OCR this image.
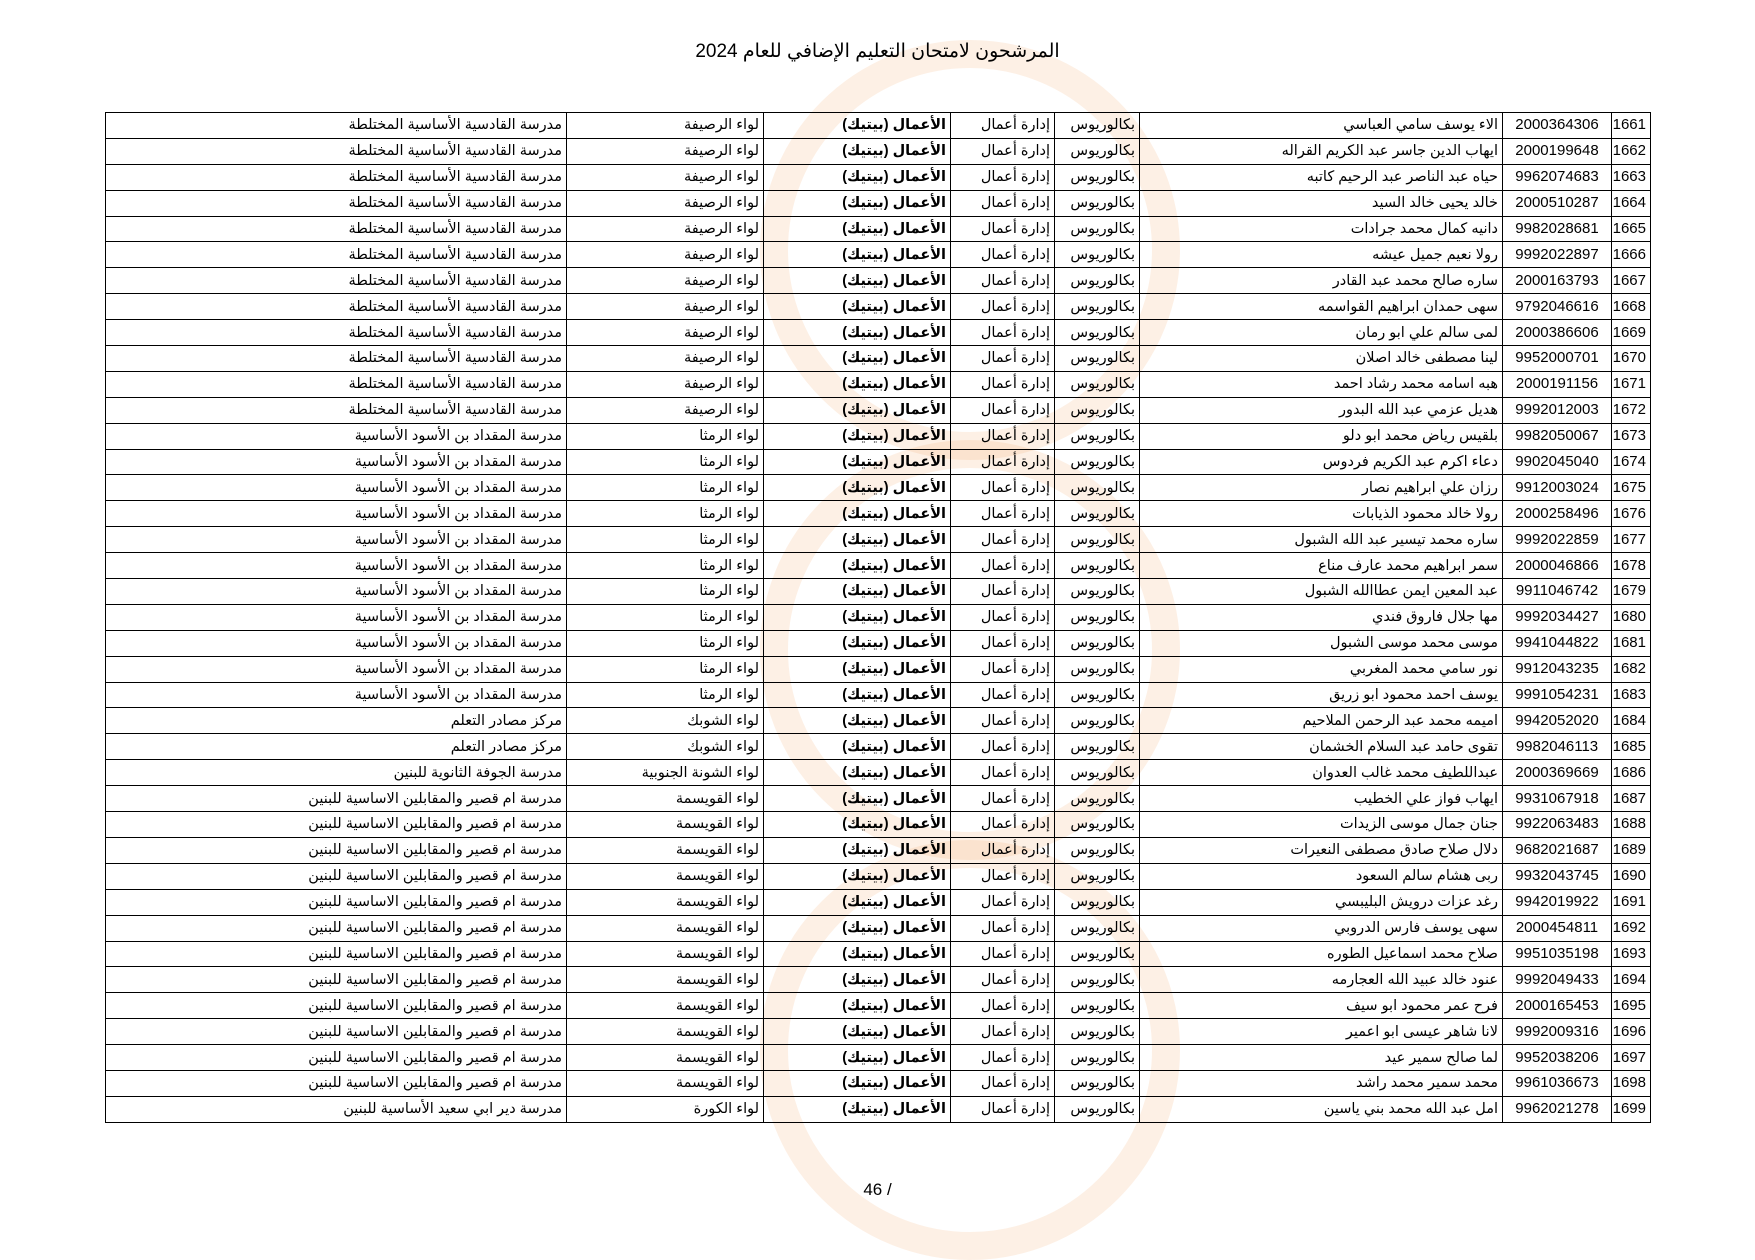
المرشحون لامتحان التعليم الإضافي للعام 2024
1661	2000364306	الاء يوسف سامي العباسي	بكالوريوس	إدارة أعمال	الأعمال (بيتيك)	لواء الرصيفة	مدرسة القادسية الأساسية المختلطة
1662	2000199648	ايهاب الدين جاسر عبد الكريم القراله	بكالوريوس	إدارة أعمال	الأعمال (بيتيك)	لواء الرصيفة	مدرسة القادسية الأساسية المختلطة
1663	9962074683	حياه عبد الناصر عبد الرحيم كاتبه	بكالوريوس	إدارة أعمال	الأعمال (بيتيك)	لواء الرصيفة	مدرسة القادسية الأساسية المختلطة
1664	2000510287	خالد يحيى خالد السيد	بكالوريوس	إدارة أعمال	الأعمال (بيتيك)	لواء الرصيفة	مدرسة القادسية الأساسية المختلطة
1665	9982028681	دانيه كمال محمد جرادات	بكالوريوس	إدارة أعمال	الأعمال (بيتيك)	لواء الرصيفة	مدرسة القادسية الأساسية المختلطة
1666	9992022897	رولا نعيم جميل عيشه	بكالوريوس	إدارة أعمال	الأعمال (بيتيك)	لواء الرصيفة	مدرسة القادسية الأساسية المختلطة
1667	2000163793	ساره صالح محمد عبد القادر	بكالوريوس	إدارة أعمال	الأعمال (بيتيك)	لواء الرصيفة	مدرسة القادسية الأساسية المختلطة
1668	9792046616	سهى حمدان ابراهيم القواسمه	بكالوريوس	إدارة أعمال	الأعمال (بيتيك)	لواء الرصيفة	مدرسة القادسية الأساسية المختلطة
1669	2000386606	لمى سالم علي ابو رمان	بكالوريوس	إدارة أعمال	الأعمال (بيتيك)	لواء الرصيفة	مدرسة القادسية الأساسية المختلطة
1670	9952000701	لينا مصطفى خالد اصلان	بكالوريوس	إدارة أعمال	الأعمال (بيتيك)	لواء الرصيفة	مدرسة القادسية الأساسية المختلطة
1671	2000191156	هبه اسامه محمد رشاد احمد	بكالوريوس	إدارة أعمال	الأعمال (بيتيك)	لواء الرصيفة	مدرسة القادسية الأساسية المختلطة
1672	9992012003	هديل عزمي عبد الله البدور	بكالوريوس	إدارة أعمال	الأعمال (بيتيك)	لواء الرصيفة	مدرسة القادسية الأساسية المختلطة
1673	9982050067	بلقيس رياض محمد ابو دلو	بكالوريوس	إدارة أعمال	الأعمال (بيتيك)	لواء الرمثا	مدرسة المقداد بن الأسود الأساسية
1674	9902045040	دعاء اكرم عبد الكريم فردوس	بكالوريوس	إدارة أعمال	الأعمال (بيتيك)	لواء الرمثا	مدرسة المقداد بن الأسود الأساسية
1675	9912003024	رزان علي ابراهيم نصار	بكالوريوس	إدارة أعمال	الأعمال (بيتيك)	لواء الرمثا	مدرسة المقداد بن الأسود الأساسية
1676	2000258496	رولا خالد محمود الذيابات	بكالوريوس	إدارة أعمال	الأعمال (بيتيك)	لواء الرمثا	مدرسة المقداد بن الأسود الأساسية
1677	9992022859	ساره محمد تيسير عبد الله الشبول	بكالوريوس	إدارة أعمال	الأعمال (بيتيك)	لواء الرمثا	مدرسة المقداد بن الأسود الأساسية
1678	2000046866	سمر ابراهيم محمد عارف مناع	بكالوريوس	إدارة أعمال	الأعمال (بيتيك)	لواء الرمثا	مدرسة المقداد بن الأسود الأساسية
1679	9911046742	عبد المعين ايمن عطاالله الشبول	بكالوريوس	إدارة أعمال	الأعمال (بيتيك)	لواء الرمثا	مدرسة المقداد بن الأسود الأساسية
1680	9992034427	مها جلال فاروق فندي	بكالوريوس	إدارة أعمال	الأعمال (بيتيك)	لواء الرمثا	مدرسة المقداد بن الأسود الأساسية
1681	9941044822	موسى محمد موسى الشبول	بكالوريوس	إدارة أعمال	الأعمال (بيتيك)	لواء الرمثا	مدرسة المقداد بن الأسود الأساسية
1682	9912043235	نور سامي محمد المغربي	بكالوريوس	إدارة أعمال	الأعمال (بيتيك)	لواء الرمثا	مدرسة المقداد بن الأسود الأساسية
1683	9991054231	يوسف احمد محمود ابو زريق	بكالوريوس	إدارة أعمال	الأعمال (بيتيك)	لواء الرمثا	مدرسة المقداد بن الأسود الأساسية
1684	9942052020	اميمه محمد عبد الرحمن الملاحيم	بكالوريوس	إدارة أعمال	الأعمال (بيتيك)	لواء الشوبك	مركز مصادر التعلم
1685	9982046113	تقوى حامد عبد السلام الخشمان	بكالوريوس	إدارة أعمال	الأعمال (بيتيك)	لواء الشوبك	مركز مصادر التعلم
1686	2000369669	عبداللطيف محمد غالب العدوان	بكالوريوس	إدارة أعمال	الأعمال (بيتيك)	لواء الشونة الجنوبية	مدرسة الجوفة الثانوية للبنين
1687	9931067918	ايهاب فواز علي الخطيب	بكالوريوس	إدارة أعمال	الأعمال (بيتيك)	لواء القويسمة	مدرسة ام قصير والمقابلين الاساسية للبنين
1688	9922063483	جنان جمال موسى الزيدات	بكالوريوس	إدارة أعمال	الأعمال (بيتيك)	لواء القويسمة	مدرسة ام قصير والمقابلين الاساسية للبنين
1689	9682021687	دلال صلاح صادق مصطفى النعيرات	بكالوريوس	إدارة أعمال	الأعمال (بيتيك)	لواء القويسمة	مدرسة ام قصير والمقابلين الاساسية للبنين
1690	9932043745	ربى هشام سالم السعود	بكالوريوس	إدارة أعمال	الأعمال (بيتيك)	لواء القويسمة	مدرسة ام قصير والمقابلين الاساسية للبنين
1691	9942019922	رغد عزات درويش البليبسي	بكالوريوس	إدارة أعمال	الأعمال (بيتيك)	لواء القويسمة	مدرسة ام قصير والمقابلين الاساسية للبنين
1692	2000454811	سهى يوسف فارس الدروبي	بكالوريوس	إدارة أعمال	الأعمال (بيتيك)	لواء القويسمة	مدرسة ام قصير والمقابلين الاساسية للبنين
1693	9951035198	صلاح محمد اسماعيل الطوره	بكالوريوس	إدارة أعمال	الأعمال (بيتيك)	لواء القويسمة	مدرسة ام قصير والمقابلين الاساسية للبنين
1694	9992049433	عنود خالد عبيد الله العجارمه	بكالوريوس	إدارة أعمال	الأعمال (بيتيك)	لواء القويسمة	مدرسة ام قصير والمقابلين الاساسية للبنين
1695	2000165453	فرح عمر محمود ابو سيف	بكالوريوس	إدارة أعمال	الأعمال (بيتيك)	لواء القويسمة	مدرسة ام قصير والمقابلين الاساسية للبنين
1696	9992009316	لانا شاهر عيسى ابو اعمير	بكالوريوس	إدارة أعمال	الأعمال (بيتيك)	لواء القويسمة	مدرسة ام قصير والمقابلين الاساسية للبنين
1697	9952038206	لما صالح سمير عيد	بكالوريوس	إدارة أعمال	الأعمال (بيتيك)	لواء القويسمة	مدرسة ام قصير والمقابلين الاساسية للبنين
1698	9961036673	محمد سمير محمد راشد	بكالوريوس	إدارة أعمال	الأعمال (بيتيك)	لواء القويسمة	مدرسة ام قصير والمقابلين الاساسية للبنين
1699	9962021278	امل عبد الله محمد بني ياسين	بكالوريوس	إدارة أعمال	الأعمال (بيتيك)	لواء الكورة	مدرسة دير ابي سعيد الأساسية للبنين
46 /
